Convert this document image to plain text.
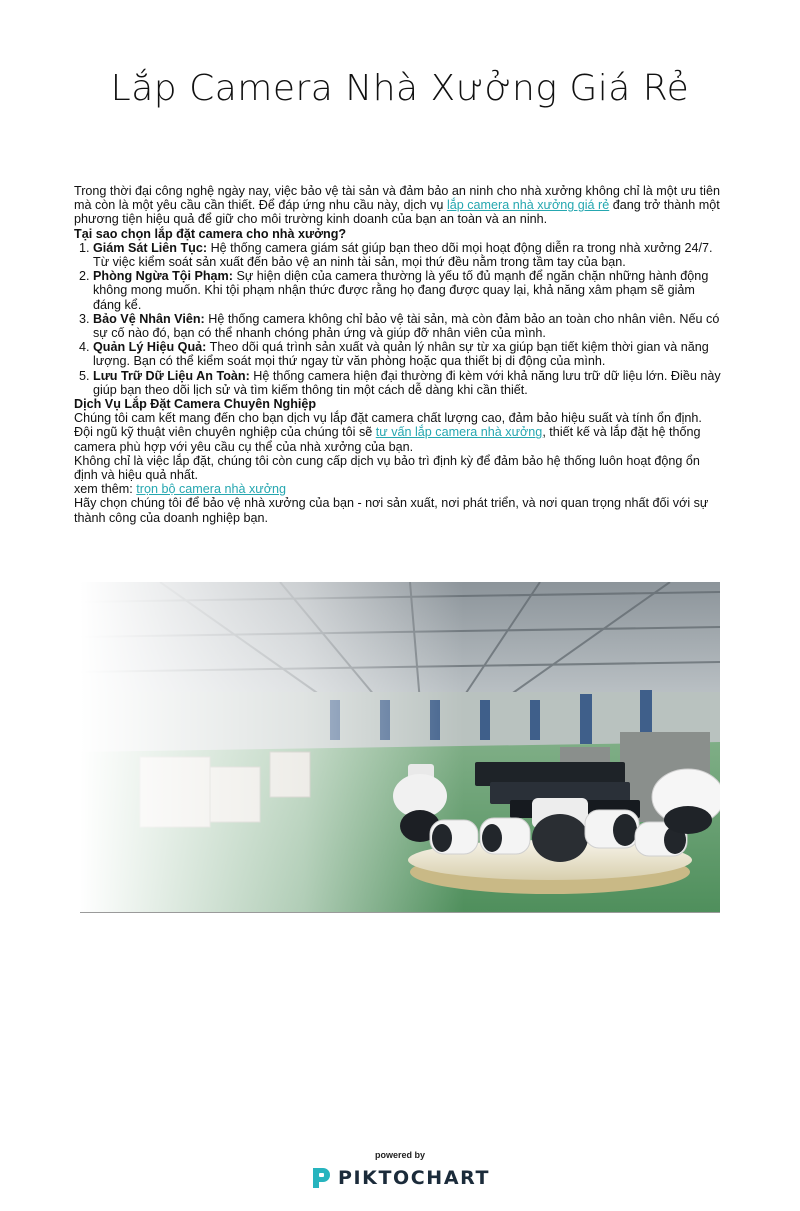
Lắp Camera Nhà Xưởng Giá Rẻ

Trong thời đại công nghệ ngày nay, việc bảo vệ tài sản và đảm bảo an ninh cho nhà xưởng không chỉ là một ưu tiên mà còn là một yêu cầu cần thiết. Để đáp ứng nhu cầu này, dịch vụ lắp camera nhà xưởng giá rẻ đang trở thành một phương tiện hiệu quả để giữ cho môi trường kinh doanh của bạn an toàn và an ninh.

Tại sao chọn lắp đặt camera cho nhà xưởng?

1. Giám Sát Liên Tục: Hệ thống camera giám sát giúp bạn theo dõi mọi hoạt động diễn ra trong nhà xưởng 24/7. Từ việc kiểm soát sản xuất đến bảo vệ an ninh tài sản, mọi thứ đều nằm trong tầm tay của bạn.
2. Phòng Ngừa Tội Phạm: Sự hiện diện của camera thường là yếu tố đủ mạnh để ngăn chặn những hành động không mong muốn. Khi tội phạm nhận thức được rằng họ đang được quay lại, khả năng xâm phạm sẽ giảm đáng kể.
3. Bảo Vệ Nhân Viên: Hệ thống camera không chỉ bảo vệ tài sản, mà còn đảm bảo an toàn cho nhân viên. Nếu có sự cố nào đó, bạn có thể nhanh chóng phản ứng và giúp đỡ nhân viên của mình.
4. Quản Lý Hiệu Quả: Theo dõi quá trình sản xuất và quản lý nhân sự từ xa giúp bạn tiết kiệm thời gian và năng lượng. Bạn có thể kiểm soát mọi thứ ngay từ văn phòng hoặc qua thiết bị di động của mình.
5. Lưu Trữ Dữ Liệu An Toàn: Hệ thống camera hiện đại thường đi kèm với khả năng lưu trữ dữ liệu lớn. Điều này giúp bạn theo dõi lịch sử và tìm kiếm thông tin một cách dễ dàng khi cần thiết.

Dịch Vụ Lắp Đặt Camera Chuyên Nghiệp

Chúng tôi cam kết mang đến cho bạn dịch vụ lắp đặt camera chất lượng cao, đảm bảo hiệu suất và tính ổn định.

Đội ngũ kỹ thuật viên chuyên nghiệp của chúng tôi sẽ tư vấn lắp camera nhà xưởng, thiết kế và lắp đặt hệ thống camera phù hợp với yêu cầu cụ thể của nhà xưởng của bạn.

Không chỉ là việc lắp đặt, chúng tôi còn cung cấp dịch vụ bảo trì định kỳ để đảm bảo hệ thống luôn hoạt động ổn định và hiệu quả nhất.

xem thêm: trọn bộ camera nhà xưởng

Hãy chọn chúng tôi để bảo vệ nhà xưởng của bạn - nơi sản xuất, nơi phát triển, và nơi quan trọng nhất đối với sự thành công của doanh nghiệp bạn.

powered by
PIKTOCHART
